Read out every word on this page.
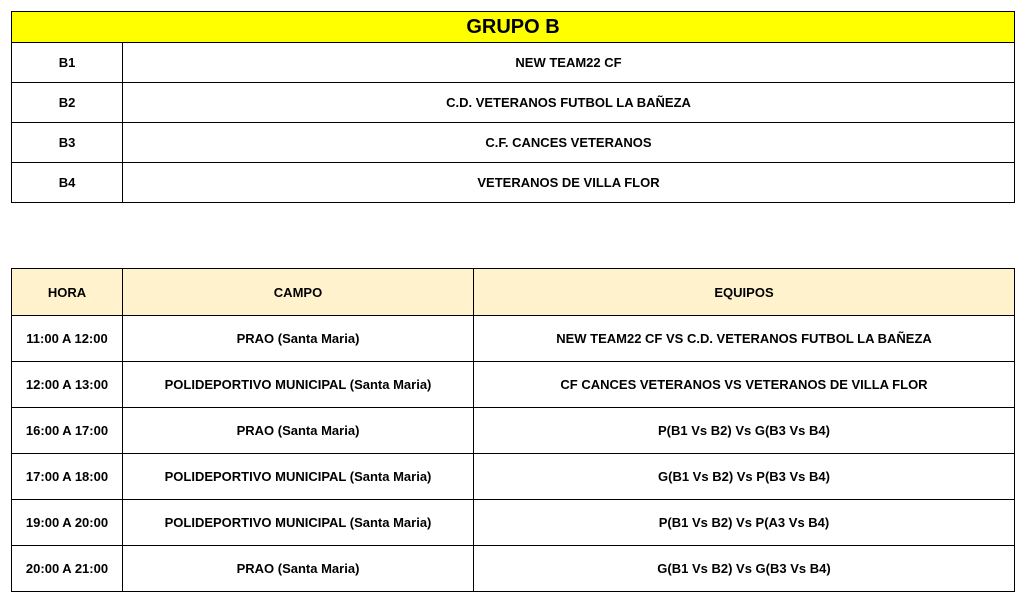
GRUPO B	
B1	NEW TEAM22 CF
B2	C.D. VETERANOS FUTBOL LA BAÑEZA
B3	C.F. CANCES VETERANOS
B4	VETERANOS DE VILLA FLOR
HORA	CAMPO	EQUIPOS
11:00 A 12:00	PRAO (Santa Maria)	NEW TEAM22 CF VS C.D. VETERANOS FUTBOL LA BAÑEZA
12:00 A 13:00	POLIDEPORTIVO MUNICIPAL (Santa Maria)	CF CANCES VETERANOS VS VETERANOS DE VILLA FLOR
16:00 A 17:00	PRAO (Santa Maria)	P(B1 Vs B2) Vs G(B3 Vs B4)
17:00 A 18:00	POLIDEPORTIVO MUNICIPAL (Santa Maria)	G(B1 Vs B2) Vs P(B3 Vs B4)
19:00 A 20:00	POLIDEPORTIVO MUNICIPAL (Santa Maria)	P(B1 Vs B2) Vs P(A3 Vs B4)
20:00 A 21:00	PRAO (Santa Maria)	G(B1 Vs B2) Vs G(B3 Vs B4)
